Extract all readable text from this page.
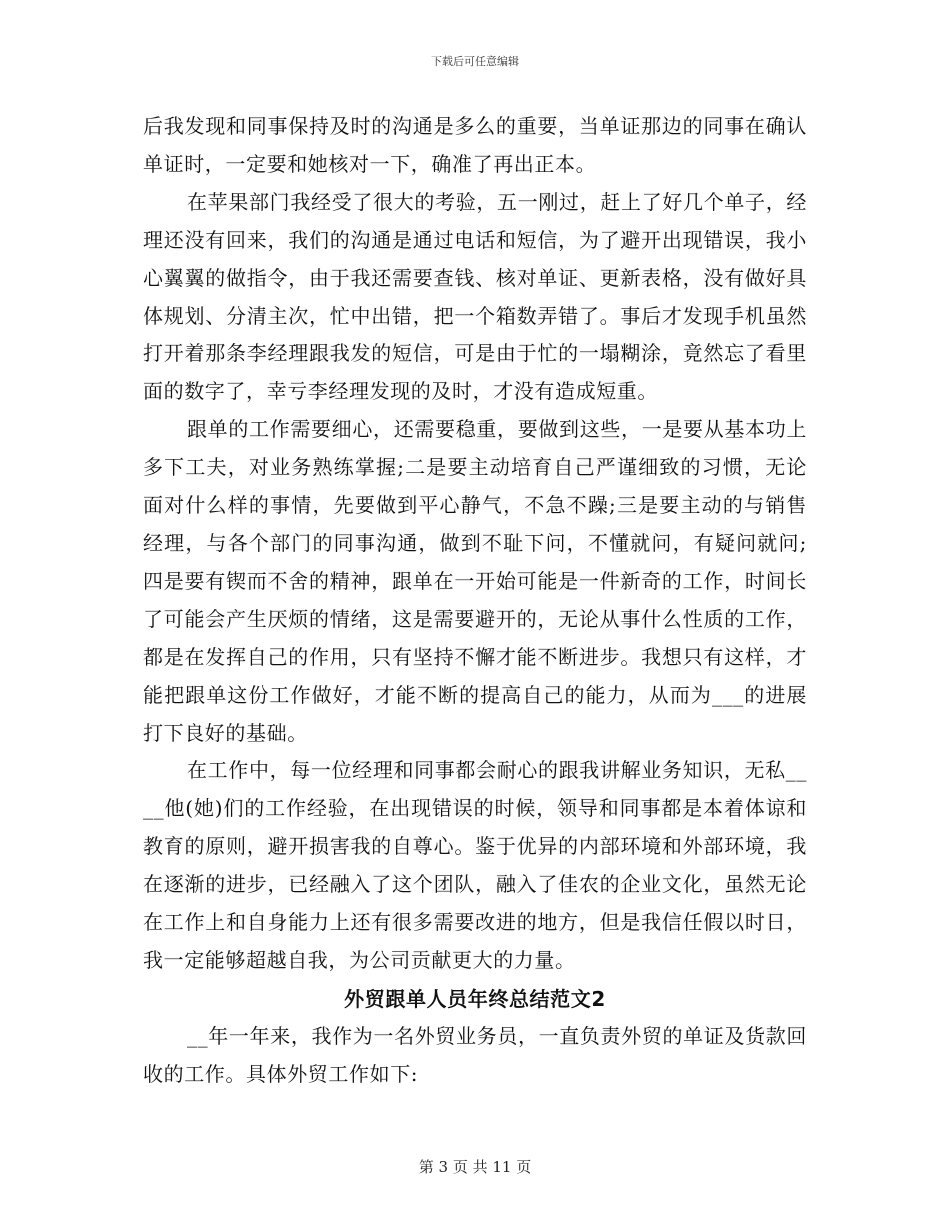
下载后可任意编辑

后我发现和同事保持及时的沟通是多么的重要，当单证那边的同事在确认单证时，一定要和她核对一下，确准了再出正本。

在苹果部门我经受了很大的考验，五一刚过，赶上了好几个单子，经理还没有回来，我们的沟通是通过电话和短信，为了避开出现错误，我小心翼翼的做指令，由于我还需要查钱、核对单证、更新表格，没有做好具体规划、分清主次，忙中出错，把一个箱数弄错了。事后才发现手机虽然打开着那条李经理跟我发的短信，可是由于忙的一塌糊涂，竟然忘了看里面的数字了，幸亏李经理发现的及时，才没有造成短重。

跟单的工作需要细心，还需要稳重，要做到这些，一是要从基本功上多下工夫，对业务熟练掌握;二是要主动培育自己严谨细致的习惯，无论面对什么样的事情，先要做到平心静气，不急不躁;三是要主动的与销售经理，与各个部门的同事沟通，做到不耻下问，不懂就问，有疑问就问;四是要有锲而不舍的精神，跟单在一开始可能是一件新奇的工作，时间长了可能会产生厌烦的情绪，这是需要避开的，无论从事什么性质的工作，都是在发挥自己的作用，只有坚持不懈才能不断进步。我想只有这样，才能把跟单这份工作做好，才能不断的提高自己的能力，从而为___的进展打下良好的基础。

在工作中，每一位经理和同事都会耐心的跟我讲解业务知识，无私____他(她)们的工作经验，在出现错误的时候，领导和同事都是本着体谅和教育的原则，避开损害我的自尊心。鉴于优异的内部环境和外部环境，我在逐渐的进步，已经融入了这个团队，融入了佳农的企业文化，虽然无论在工作上和自身能力上还有很多需要改进的地方，但是我信任假以时日，我一定能够超越自我，为公司贡献更大的力量。

外贸跟单人员年终总结范文2

__年一年来，我作为一名外贸业务员，一直负责外贸的单证及货款回收的工作。具体外贸工作如下:

第 3 页 共 11 页
